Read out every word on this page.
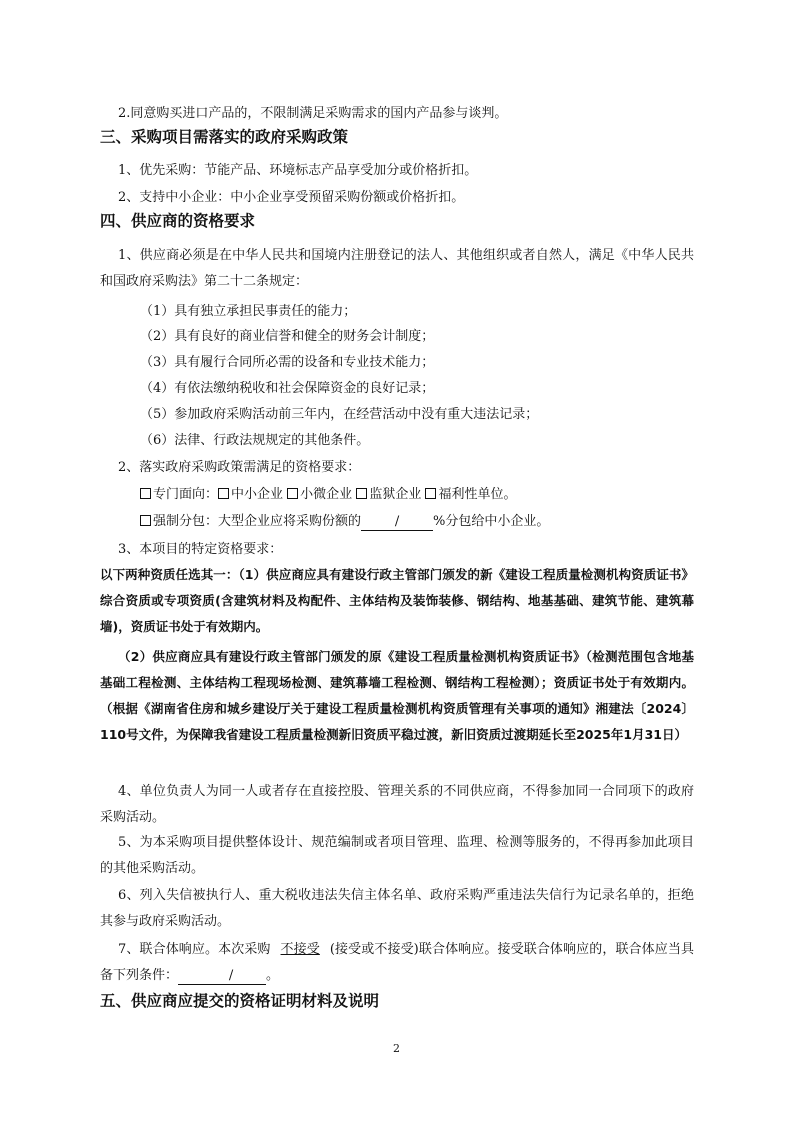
2.同意购买进口产品的，不限制满足采购需求的国内产品参与谈判。
三、采购项目需落实的政府采购政策
1、优先采购：节能产品、环境标志产品享受加分或价格折扣。
2、支持中小企业：中小企业享受预留采购份额或价格折扣。
四、供应商的资格要求
1、供应商必须是在中华人民共和国境内注册登记的法人、其他组织或者自然人，满足《中华人民共和国政府采购法》第二十二条规定：
（1）具有独立承担民事责任的能力；
（2）具有良好的商业信誉和健全的财务会计制度；
（3）具有履行合同所必需的设备和专业技术能力；
（4）有依法缴纳税收和社会保障资金的良好记录；
（5）参加政府采购活动前三年内，在经营活动中没有重大违法记录；
（6）法律、行政法规规定的其他条件。
2、落实政府采购政策需满足的资格要求：
专门面向： 中小企业 小微企业 监狱企业 福利性单位。
强制分包：大型企业应将采购份额的	/	%分包给中小企业。
3、本项目的特定资格要求：
以下两种资质任选其一：（1）供应商应具有建设行政主管部门颁发的新《建设工程质量检测机构资质证书》综合资质或专项资质(含建筑材料及构配件、主体结构及装饰装修、钢结构、地基基础、建筑节能、建筑幕墙)，资质证书处于有效期内。
（2）供应商应具有建设行政主管部门颁发的原《建设工程质量检测机构资质证书》（检测范围包含地基基础工程检测、主体结构工程现场检测、建筑幕墙工程检测、钢结构工程检测）；资质证书处于有效期内。（根据《湖南省住房和城乡建设厅关于建设工程质量检测机构资质管理有关事项的通知》湘建法〔2024〕110号文件，为保障我省建设工程质量检测新旧资质平稳过渡，新旧资质过渡期延长至2025年1月31日）
4、单位负责人为同一人或者存在直接控股、管理关系的不同供应商，不得参加同一合同项下的政府采购活动。
5、为本采购项目提供整体设计、规范编制或者项目管理、监理、检测等服务的，不得再参加此项目的其他采购活动。
6、列入失信被执行人、重大税收违法失信主体名单、政府采购严重违法失信行为记录名单的，拒绝其参与政府采购活动。
7、联合体响应。本次采购 不接受 (接受或不接受)联合体响应。接受联合体响应的，联合体应当具备下列条件：	/	。
五、供应商应提交的资格证明材料及说明
2
